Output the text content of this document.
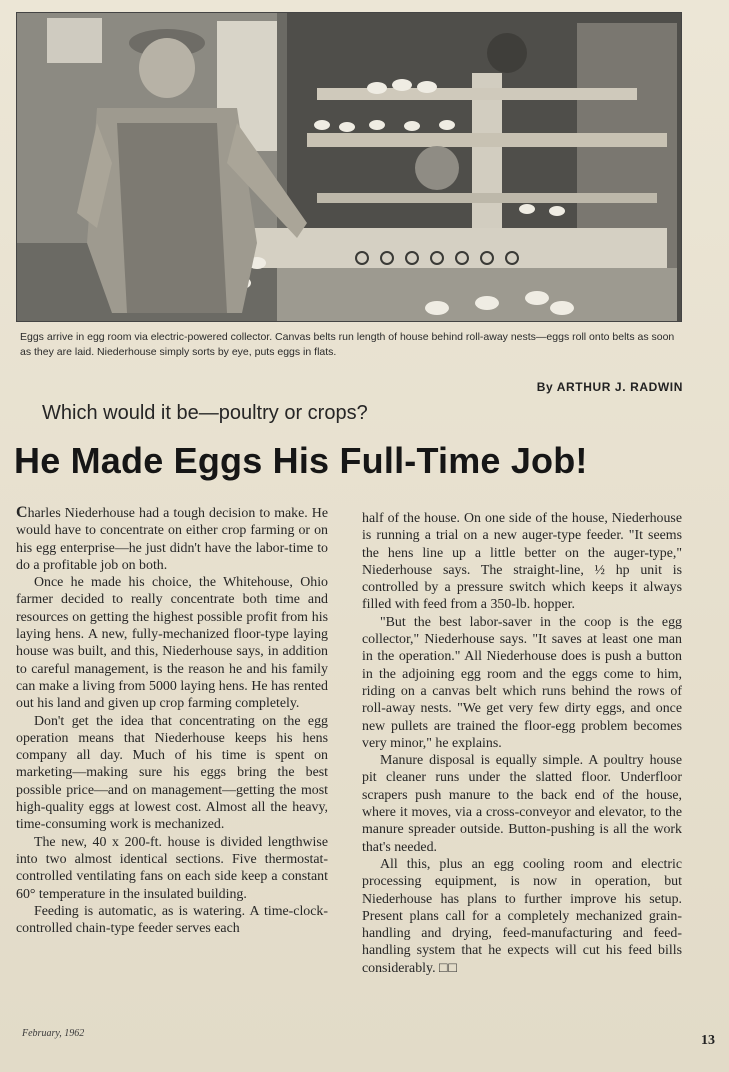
Eggs arrive in egg room via electric-powered collector. Canvas belts run length of house behind roll-away nests—eggs roll onto belts as soon as they are laid. Niederhouse simply sorts by eye, puts eggs in flats.
By ARTHUR J. RADWIN
Which would it be—poultry or crops?
He Made Eggs His Full-Time Job!

Charles Niederhouse had a tough decision to make. He would have to concentrate on either crop farming or on his egg enterprise—he just didn't have the labor-time to do a profitable job on both.

Once he made his choice, the Whitehouse, Ohio farmer decided to really concentrate both time and resources on getting the highest possible profit from his laying hens. A new, fully-mechanized floor-type laying house was built, and this, Niederhouse says, in addition to careful management, is the reason he and his family can make a living from 5000 laying hens. He has rented out his land and given up crop farming completely.

Don't get the idea that concentrating on the egg operation means that Niederhouse keeps his hens company all day. Much of his time is spent on marketing—making sure his eggs bring the best possible price—and on management—getting the most high-quality eggs at lowest cost. Almost all the heavy, time-consuming work is mechanized.

The new, 40 x 200-ft. house is divided lengthwise into two almost identical sections. Five thermostat-controlled ventilating fans on each side keep a constant 60° temperature in the insulated building.

Feeding is automatic, as is watering. A time-clock-controlled chain-type feeder serves each

half of the house. On one side of the house, Niederhouse is running a trial on a new auger-type feeder. "It seems the hens line up a little better on the auger-type," Niederhouse says. The straight-line, ½ hp unit is controlled by a pressure switch which keeps it always filled with feed from a 350-lb. hopper.

"But the best labor-saver in the coop is the egg collector," Niederhouse says. "It saves at least one man in the operation." All Niederhouse does is push a button in the adjoining egg room and the eggs come to him, riding on a canvas belt which runs behind the rows of roll-away nests. "We get very few dirty eggs, and once new pullets are trained the floor-egg problem becomes very minor," he explains.

Manure disposal is equally simple. A poultry house pit cleaner runs under the slatted floor. Underfloor scrapers push manure to the back end of the house, where it moves, via a cross-conveyor and elevator, to the manure spreader outside. Button-pushing is all the work that's needed.

All this, plus an egg cooling room and electric processing equipment, is now in operation, but Niederhouse has plans to further improve his setup. Present plans call for a completely mechanized grain-handling and drying, feed-manufacturing and feed-handling system that he expects will cut his feed bills considerably. □□

February, 1962	13
